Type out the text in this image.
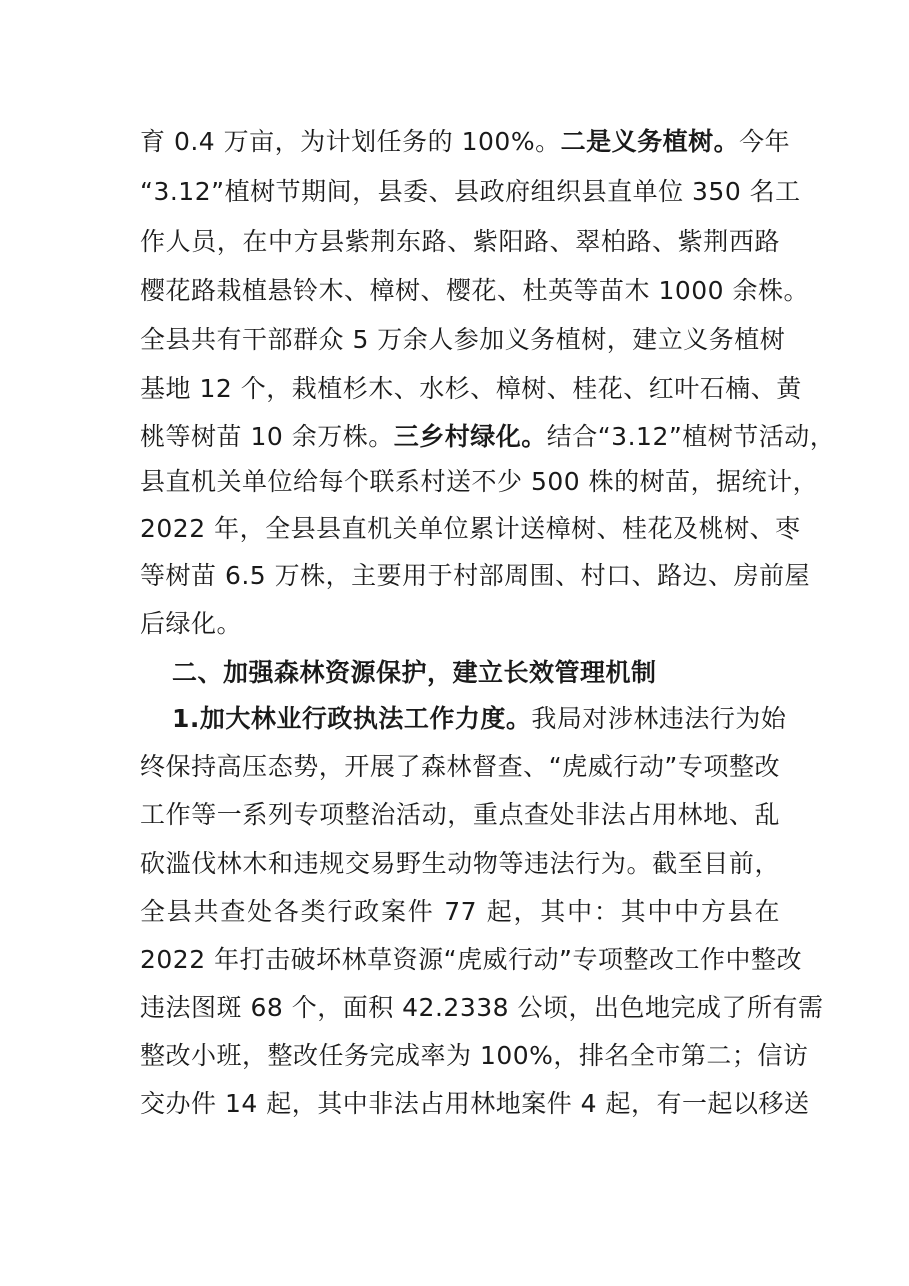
育 0.4 万亩，为计划任务的 100%。二是义务植树。今年
“3.12”植树节期间，县委、县政府组织县直单位 350 名工
作人员，在中方县紫荆东路、紫阳路、翠柏路、紫荆西路
樱花路栽植悬铃木、樟树、樱花、杜英等苗木 1000 余株。
全县共有干部群众 5 万余人参加义务植树，建立义务植树
基地 12 个，栽植杉木、水杉、樟树、桂花、红叶石楠、黄
桃等树苗 10 余万株。三乡村绿化。结合“3.12”植树节活动，
县直机关单位给每个联系村送不少 500 株的树苗，据统计，
2022 年，全县县直机关单位累计送樟树、桂花及桃树、枣
等树苗 6.5 万株，主要用于村部周围、村口、路边、房前屋
后绿化。
二、加强森林资源保护，建立长效管理机制
1.加大林业行政执法工作力度。我局对涉林违法行为始
终保持高压态势，开展了森林督查、“虎威行动”专项整改
工作等一系列专项整治活动，重点查处非法占用林地、乱
砍滥伐林木和违规交易野生动物等违法行为。截至目前，
全县共查处各类行政案件 77 起，其中：其中中方县在
2022 年打击破坏林草资源“虎威行动”专项整改工作中整改
违法图斑 68 个，面积 42.2338 公顷，出色地完成了所有需
整改小班，整改任务完成率为 100%，排名全市第二；信访
交办件 14 起，其中非法占用林地案件 4 起，有一起以移送
